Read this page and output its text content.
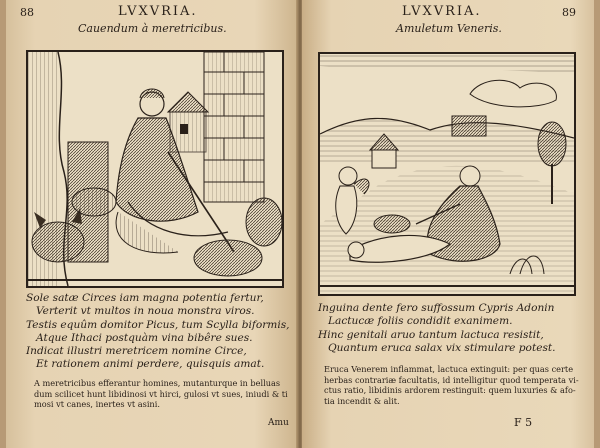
88	LVXVRIA.
Cauendum à meretricibus.
Sole satæ Circes iam magna potentia fertur,
Verterit vt multos in noua monstra viros.
Testis equûm domitor Picus, tum Scylla biformis,
Atque Ithaci postquàm vina bibêre sues.
Indicat illustri meretricem nomine Circe,
Et rationem animi perdere, quisquis amat.
A meretricibus efferantur homines, mutanturque in belluas
dum scilicet hunt libidinosi vt hirci, gulosi vt sues, iniudi & ti
mosi vt canes, inertes vt asini.
Amu
LVXVRIA.	89
Amuletum Veneris.
Inguina dente fero suffossum Cypris Adonin
Lactucæ foliis condidit exanimem.
Hinc genitali aruo tantum lactuca resistit,
Quantum eruca salax vix stimulare potest.
Eruca Venerem inflammat, lactuca extinguit: per quas certe
herbas contrariæ facultatis, id intelligitur quod temperata vi-
ctus ratio, libidinis ardorem restinguit: quem luxuries & afo-
tia incendit & alit.
F 5
